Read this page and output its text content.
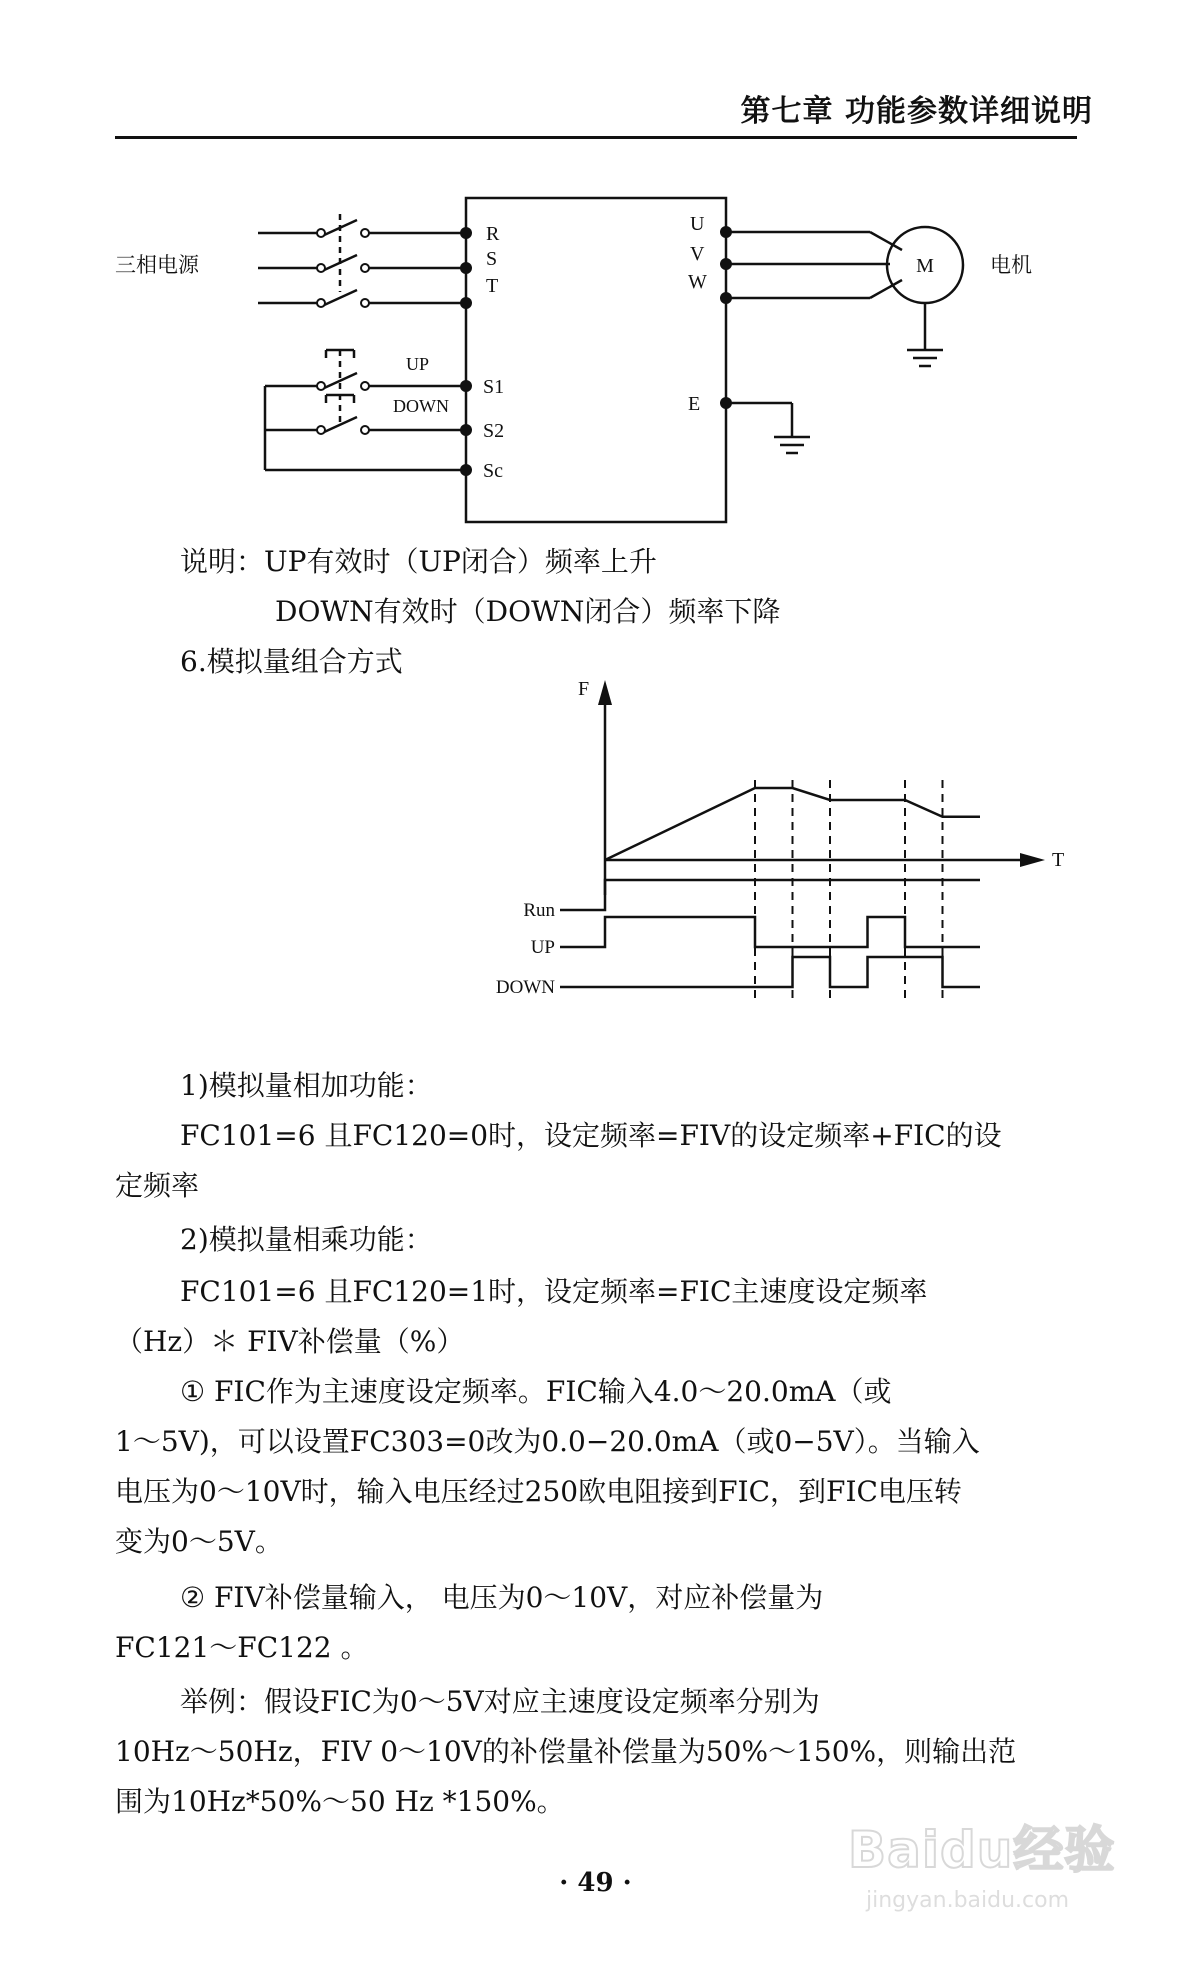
第七章 功能参数详细说明
三相电源	电机
M
R
S
T
U
V
W
E
S1
S2
Sc
UP
DOWN
说明：UP有效时（UP闭合）频率上升
DOWN有效时（DOWN闭合）频率下降
6.模拟量组合方式
F
T
Run
UP
DOWN
1)模拟量相加功能：
FC101=6 且FC120=0时，设定频率=FIV的设定频率+FIC的设
定频率
2)模拟量相乘功能：
FC101=6 且FC120=1时，设定频率=FIC主速度设定频率
（Hz）＊ FIV补偿量（%）
① FIC作为主速度设定频率。FIC输入4.0～20.0mA（或
1～5V)，可以设置FC303=0改为0.0−20.0mA（或0−5V）。当输入
电压为0～10V时，输入电压经过250欧电阻接到FIC，到FIC电压转
变为0～5V。
② FIV补偿量输入， 电压为0～10V，对应补偿量为
FC121～FC122 。
举例：假设FIC为0～5V对应主速度设定频率分别为
10Hz～50Hz，FIV 0～10V的补偿量补偿量为50%～150%，则输出范
围为10Hz*50%～50 Hz *150%。
· 49 ·
Baidu经验
jingyan.baidu.com
